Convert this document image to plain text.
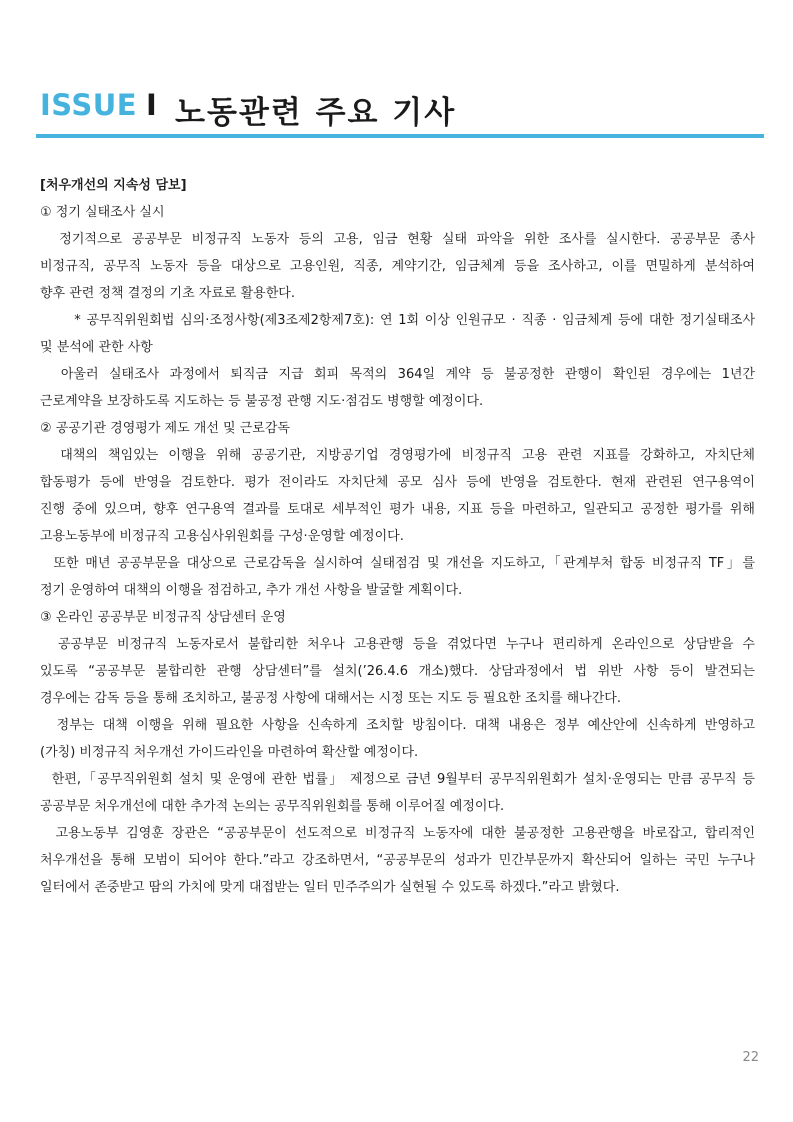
ISSUE I 노동관련 주요 기사
[처우개선의 지속성 담보]
① 정기 실태조사 실시
정기적으로 공공부문 비정규직 노동자 등의 고용, 임금 현황 실태 파악을 위한 조사를 실시한다. 공공부문 종사
비정규직, 공무직 노동자 등을 대상으로 고용인원, 직종, 계약기간, 임금체계 등을 조사하고, 이를 면밀하게 분석하여
향후 관련 정책 결정의 기초 자료로 활용한다.
* 공무직위원회법 심의·조정사항(제3조제2항제7호): 연 1회 이상 인원규모 · 직종 · 임금체계 등에 대한 정기실태조사
및 분석에 관한 사항
아울러 실태조사 과정에서 퇴직금 지급 회피 목적의 364일 계약 등 불공정한 관행이 확인된 경우에는 1년간
근로계약을 보장하도록 지도하는 등 불공정 관행 지도·점검도 병행할 예정이다.
② 공공기관 경영평가 제도 개선 및 근로감독
대책의 책임있는 이행을 위해 공공기관, 지방공기업 경영평가에 비정규직 고용 관련 지표를 강화하고, 자치단체
합동평가 등에 반영을 검토한다. 평가 전이라도 자치단체 공모 심사 등에 반영을 검토한다. 현재 관련된 연구용역이
진행 중에 있으며, 향후 연구용역 결과를 토대로 세부적인 평가 내용, 지표 등을 마련하고, 일관되고 공정한 평가를 위해
고용노동부에 비정규직 고용심사위원회를 구성·운영할 예정이다.
또한 매년 공공부문을 대상으로 근로감독을 실시하여 실태점검 및 개선을 지도하고,「관계부처 합동 비정규직 TF」를
정기 운영하여 대책의 이행을 점검하고, 추가 개선 사항을 발굴할 계획이다.
③ 온라인 공공부문 비정규직 상담센터 운영
공공부문 비정규직 노동자로서 불합리한 처우나 고용관행 등을 겪었다면 누구나 편리하게 온라인으로 상담받을 수
있도록 “공공부문 불합리한 관행 상담센터”를 설치(’26.4.6 개소)했다. 상담과정에서 법 위반 사항 등이 발견되는
경우에는 감독 등을 통해 조치하고, 불공정 사항에 대해서는 시정 또는 지도 등 필요한 조치를 해나간다.
정부는 대책 이행을 위해 필요한 사항을 신속하게 조치할 방침이다. 대책 내용은 정부 예산안에 신속하게 반영하고
(가칭) 비정규직 처우개선 가이드라인을 마련하여 확산할 예정이다.
한편,「공무직위원회 설치 및 운영에 관한 법률」 제정으로 금년 9월부터 공무직위원회가 설치·운영되는 만큼 공무직 등
공공부문 처우개선에 대한 추가적 논의는 공무직위원회를 통해 이루어질 예정이다.
고용노동부 김영훈 장관은 “공공부문이 선도적으로 비정규직 노동자에 대한 불공정한 고용관행을 바로잡고, 합리적인
처우개선을 통해 모범이 되어야 한다.”라고 강조하면서, “공공부문의 성과가 민간부문까지 확산되어 일하는 국민 누구나
일터에서 존중받고 땀의 가치에 맞게 대접받는 일터 민주주의가 실현될 수 있도록 하겠다.”라고 밝혔다.
22
